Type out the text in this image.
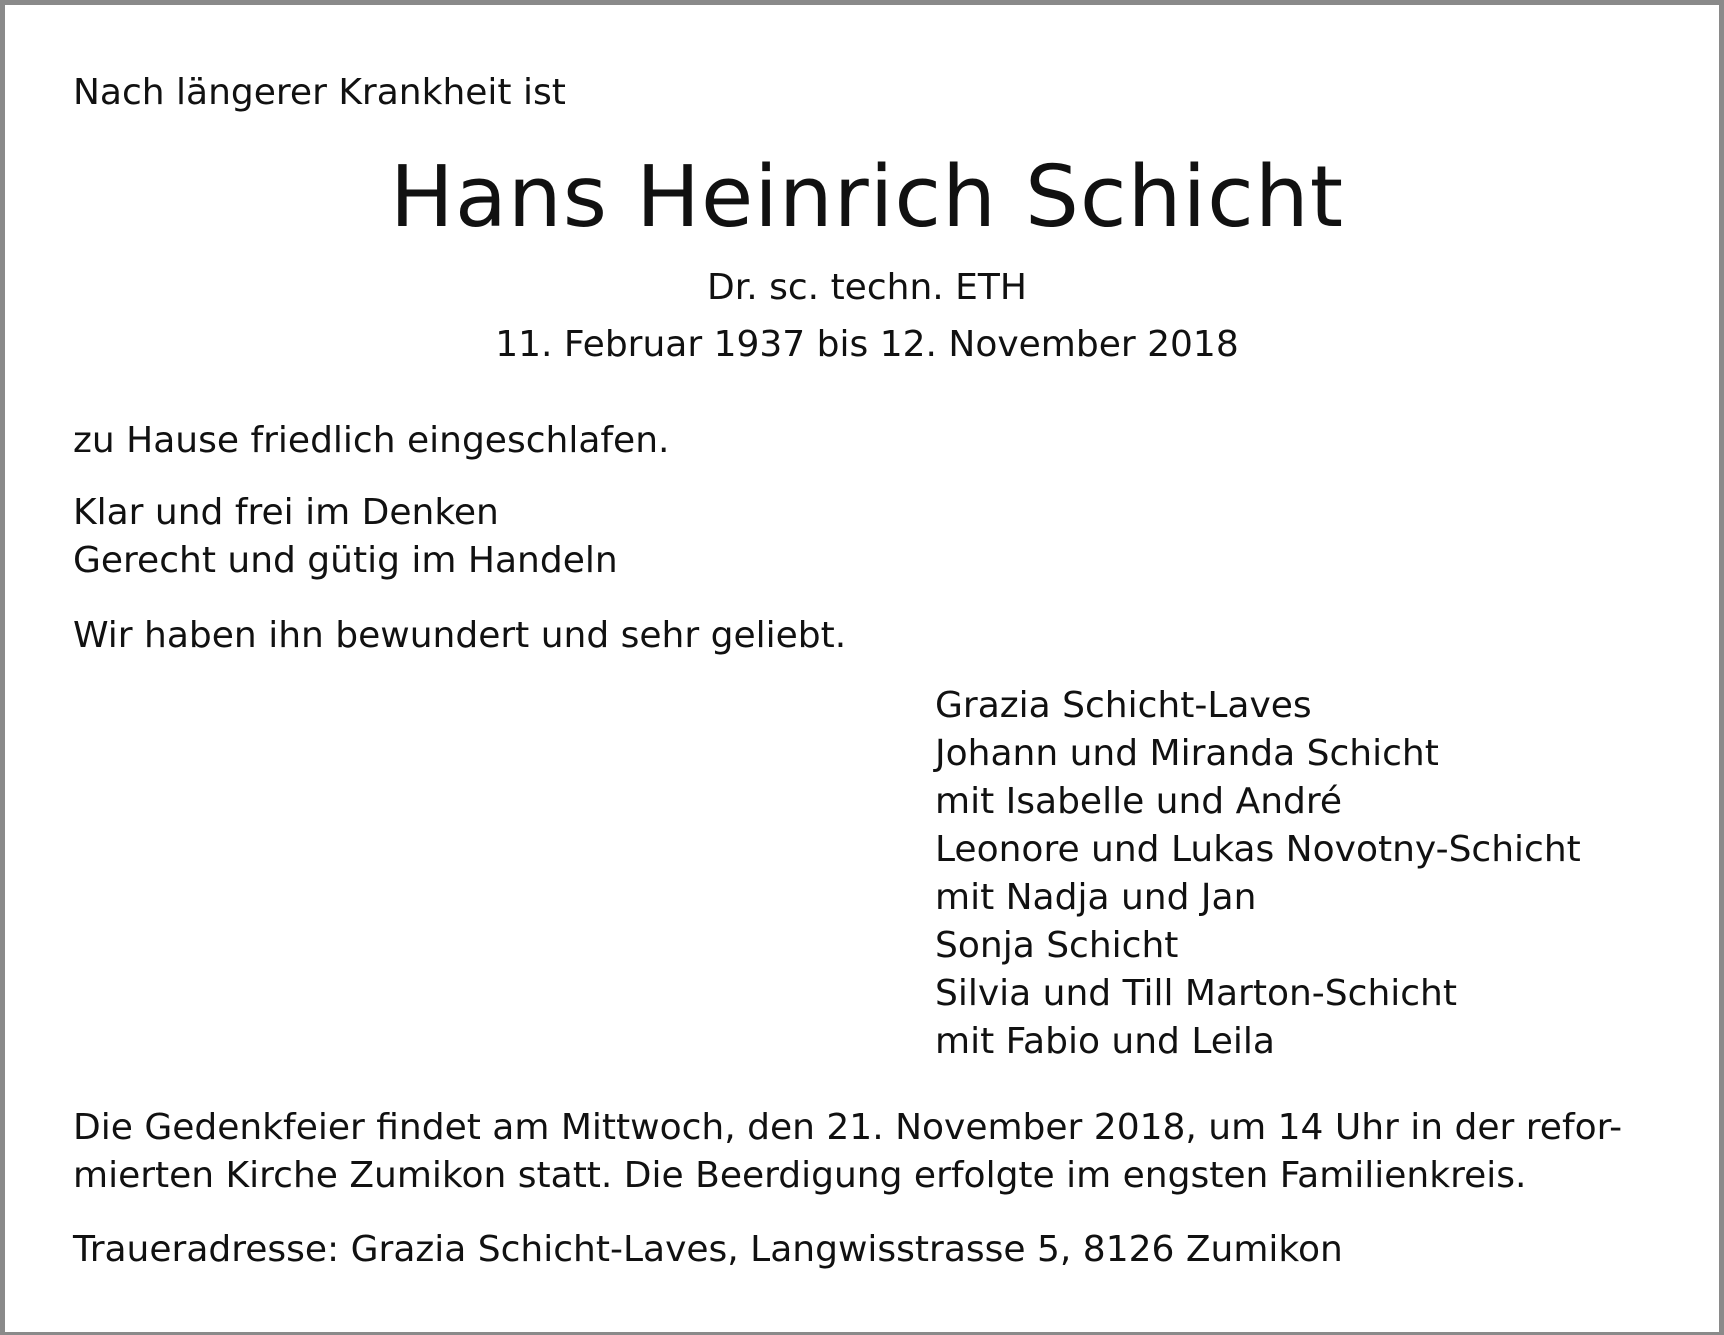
Nach längerer Krankheit ist
Hans Heinrich Schicht
Dr. sc. techn. ETH
11. Februar 1937 bis 12. November 2018
zu Hause friedlich eingeschlafen.
Klar und frei im Denken
Gerecht und gütig im Handeln
Wir haben ihn bewundert und sehr geliebt.
Grazia Schicht-Laves
Johann und Miranda Schicht
mit Isabelle und André
Leonore und Lukas Novotny-Schicht
mit Nadja und Jan
Sonja Schicht
Silvia und Till Marton-Schicht
mit Fabio und Leila
Die Gedenkfeier findet am Mittwoch, den 21. November 2018, um 14 Uhr in der refor-
mierten Kirche Zumikon statt. Die Beerdigung erfolgte im engsten Familienkreis.
Traueradresse: Grazia Schicht-Laves, Langwisstrasse 5, 8126 Zumikon
